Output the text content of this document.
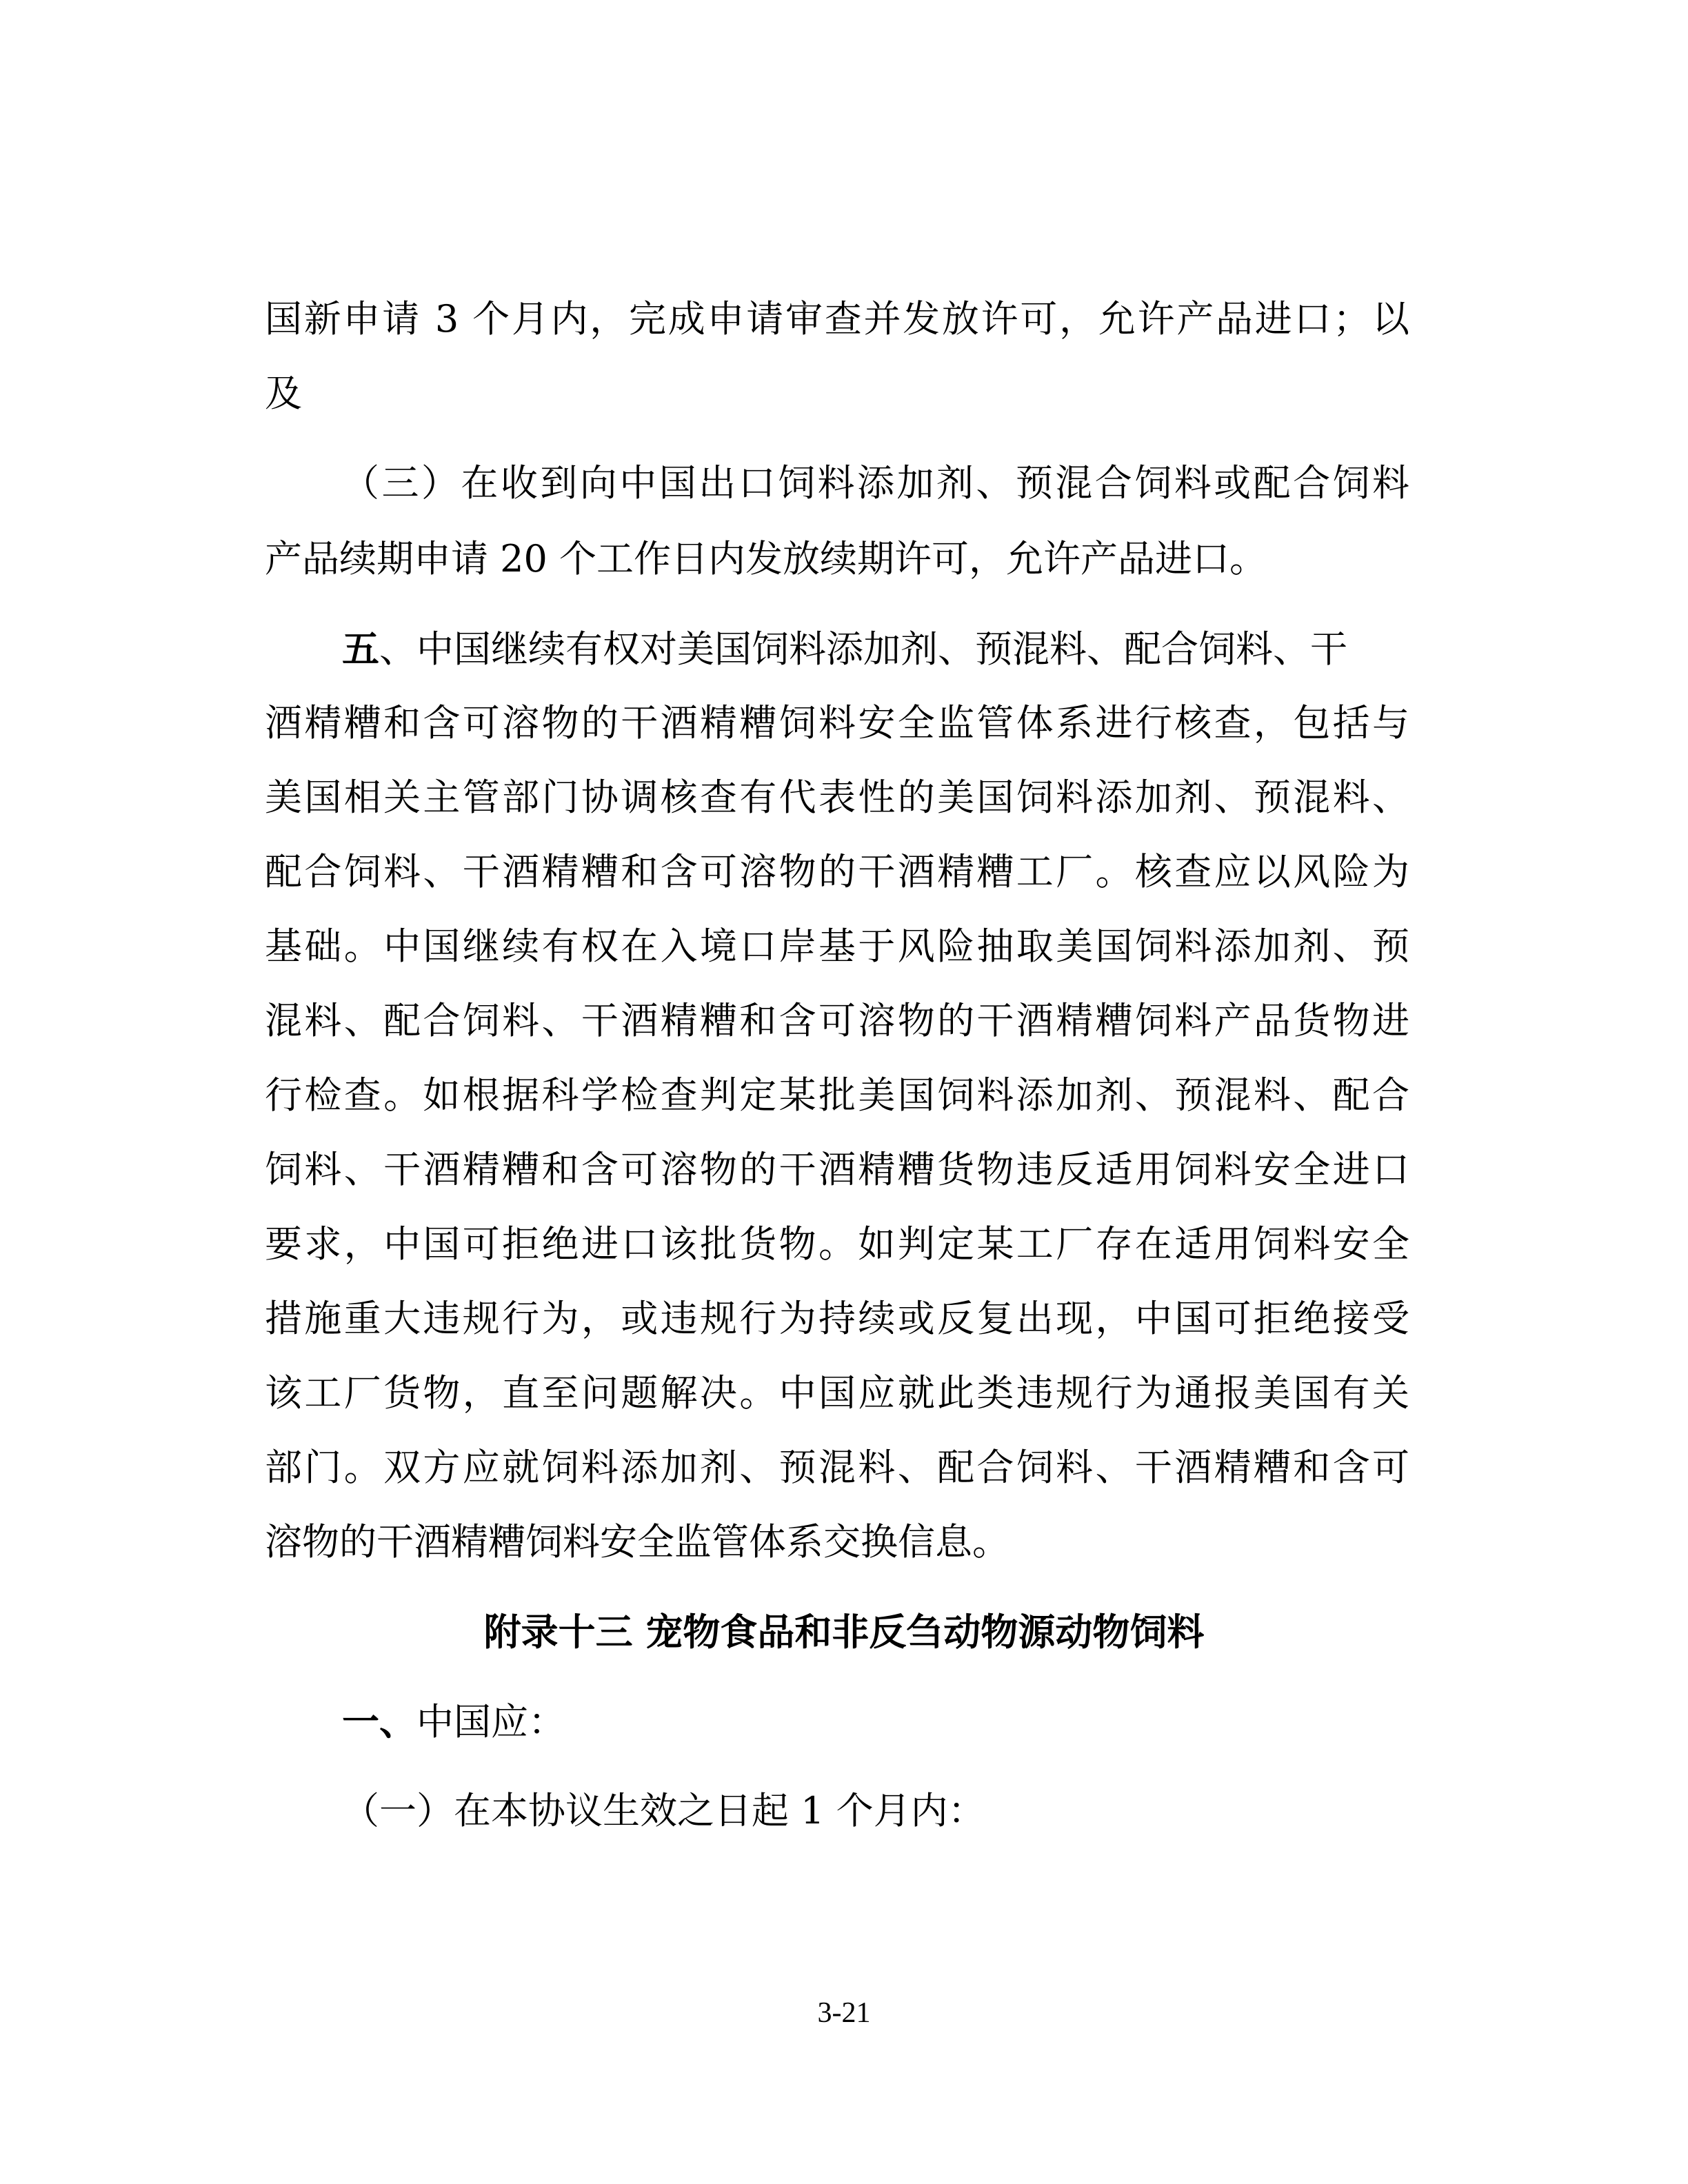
国新申请 3 个月内，完成申请审查并发放许可，允许产品进口；以
及
（三）在收到向中国出口饲料添加剂、预混合饲料或配合饲料
产品续期申请 20 个工作日内发放续期许可，允许产品进口。
五、中国继续有权对美国饲料添加剂、预混料、配合饲料、干
酒精糟和含可溶物的干酒精糟饲料安全监管体系进行核查，包括与
美国相关主管部门协调核查有代表性的美国饲料添加剂、预混料、
配合饲料、干酒精糟和含可溶物的干酒精糟工厂。核查应以风险为
基础。中国继续有权在入境口岸基于风险抽取美国饲料添加剂、预
混料、配合饲料、干酒精糟和含可溶物的干酒精糟饲料产品货物进
行检查。如根据科学检查判定某批美国饲料添加剂、预混料、配合
饲料、干酒精糟和含可溶物的干酒精糟货物违反适用饲料安全进口
要求，中国可拒绝进口该批货物。如判定某工厂存在适用饲料安全
措施重大违规行为，或违规行为持续或反复出现，中国可拒绝接受
该工厂货物，直至问题解决。中国应就此类违规行为通报美国有关
部门。双方应就饲料添加剂、预混料、配合饲料、干酒精糟和含可
溶物的干酒精糟饲料安全监管体系交换信息。
一、中国应：
（一）在本协议生效之日起 1 个月内：
附录十三 宠物食品和非反刍动物源动物饲料
3-21
